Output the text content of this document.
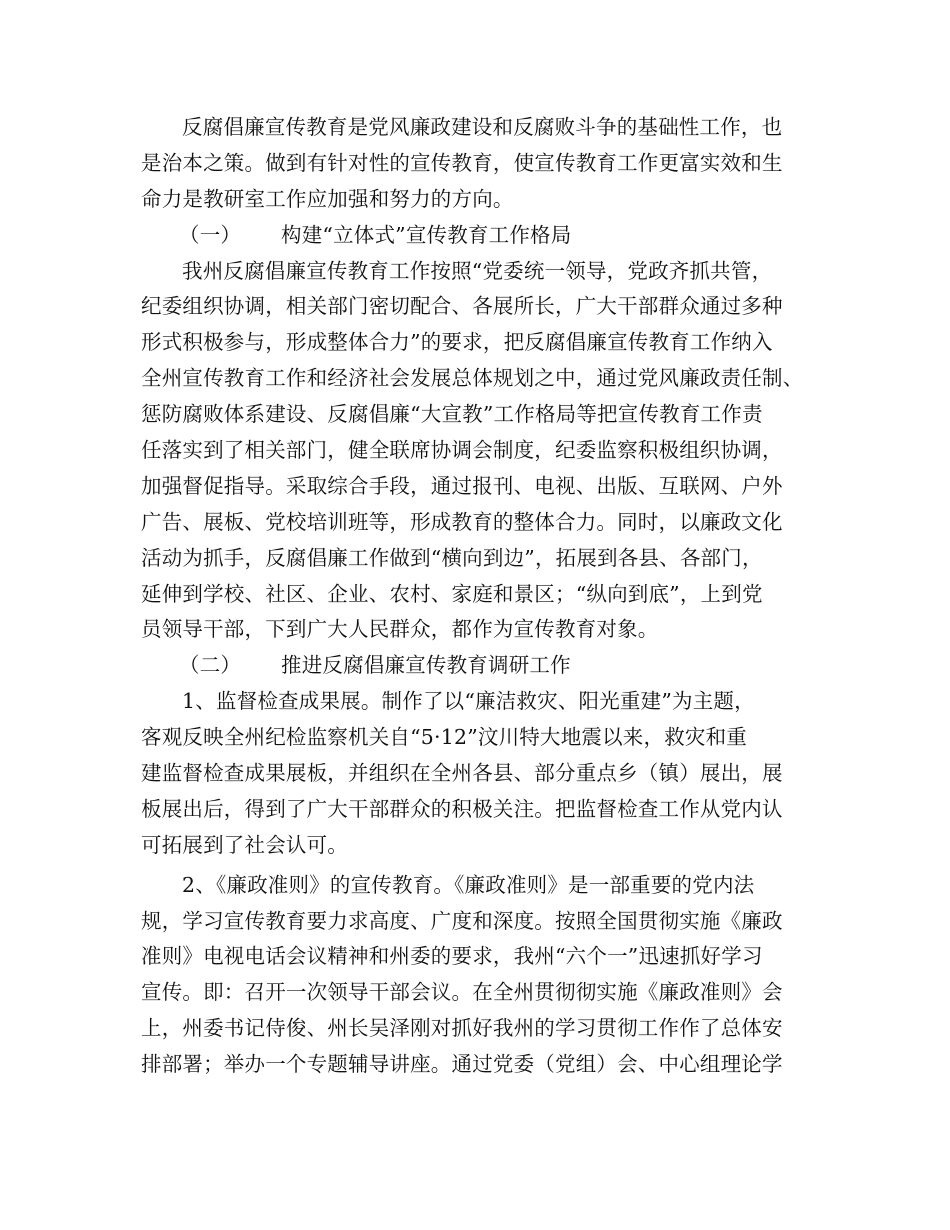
反腐倡廉宣传教育是党风廉政建设和反腐败斗争的基础性工作，也
是治本之策。做到有针对性的宣传教育，使宣传教育工作更富实效和生
命力是教研室工作应加强和努力的方向。
（一） 构建“立体式”宣传教育工作格局
我州反腐倡廉宣传教育工作按照“党委统一领导，党政齐抓共管，
纪委组织协调，相关部门密切配合、各展所长，广大干部群众通过多种
形式积极参与，形成整体合力”的要求，把反腐倡廉宣传教育工作纳入
全州宣传教育工作和经济社会发展总体规划之中，通过党风廉政责任制、
惩防腐败体系建设、反腐倡廉“大宣教”工作格局等把宣传教育工作责
任落实到了相关部门，健全联席协调会制度，纪委监察积极组织协调，
加强督促指导。采取综合手段，通过报刊、电视、出版、互联网、户外
广告、展板、党校培训班等，形成教育的整体合力。同时，以廉政文化
活动为抓手，反腐倡廉工作做到“横向到边”，拓展到各县、各部门，
延伸到学校、社区、企业、农村、家庭和景区；“纵向到底”，上到党
员领导干部，下到广大人民群众，都作为宣传教育对象。
（二） 推进反腐倡廉宣传教育调研工作
1、监督检查成果展。制作了以“廉洁救灾、阳光重建”为主题，
客观反映全州纪检监察机关自“5·12”汶川特大地震以来，救灾和重
建监督检查成果展板，并组织在全州各县、部分重点乡（镇）展出，展
板展出后，得到了广大干部群众的积极关注。把监督检查工作从党内认
可拓展到了社会认可。
2、《廉政准则》的宣传教育。《廉政准则》是一部重要的党内法
规，学习宣传教育要力求高度、广度和深度。按照全国贯彻实施《廉政
准则》电视电话会议精神和州委的要求，我州“六个一”迅速抓好学习
宣传。即：召开一次领导干部会议。在全州贯彻彻实施《廉政准则》会
上，州委书记侍俊、州长吴泽刚对抓好我州的学习贯彻工作作了总体安
排部署；举办一个专题辅导讲座。通过党委（党组）会、中心组理论学
